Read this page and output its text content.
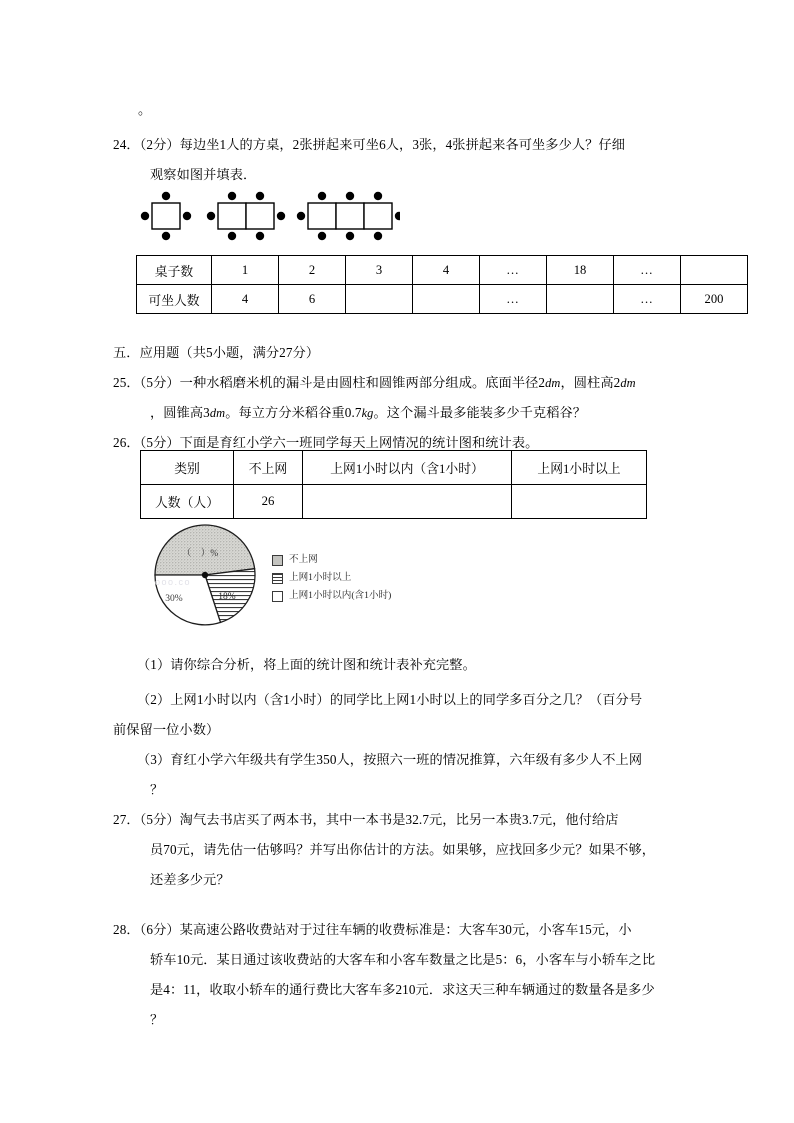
。
24．（2分）每边坐1人的方桌，2张拼起来可坐6人，3张，4张拼起来各可坐多少人？仔细
观察如图并填表．
桌子数	1	2	3	4	…	18	…	
可坐人数	4	6			…		…	200
五．应用题（共5小题，满分27分）
25．（5分）一种水稻磨米机的漏斗是由圆柱和圆锥两部分组成。底面半径2dm，圆柱高2dm
，圆锥高3dm。每立方分米稻谷重0.7kg。这个漏斗最多能装多少千克稻谷？
26．（5分）下面是育红小学六一班同学每天上网情况的统计图和统计表。
类别	不上网	上网1小时以内（含1小时）	上网1小时以上
人数（人）	26		
（　）%
30%	18%
ooo.co
不上网
上网1小时以上
上网1小时以内(含1小时)
（1）请你综合分析，将上面的统计图和统计表补充完整。
（2）上网1小时以内（含1小时）的同学比上网1小时以上的同学多百分之几？（百分号
前保留一位小数）
（3）育红小学六年级共有学生350人，按照六一班的情况推算，六年级有多少人不上网
？
27．（5分）淘气去书店买了两本书，其中一本书是32.7元，比另一本贵3.7元，他付给店
员70元，请先估一估够吗？并写出你估计的方法。如果够，应找回多少元？如果不够，
还差多少元？
28．（6分）某高速公路收费站对于过往车辆的收费标准是：大客车30元，小客车15元，小
轿车10元．某日通过该收费站的大客车和小客车数量之比是5：6，小客车与小轿车之比
是4：11，收取小轿车的通行费比大客车多210元．求这天三种车辆通过的数量各是多少
？
